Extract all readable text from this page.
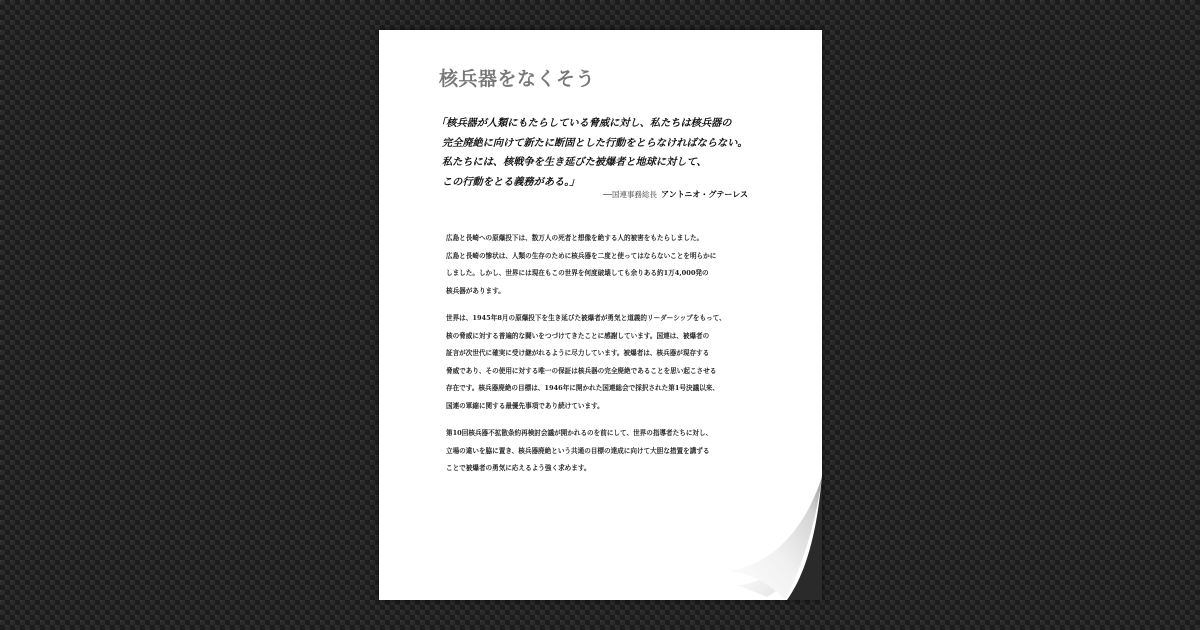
核兵器をなくそう
「核兵器が人類にもたらしている脅威に対し、私たちは核兵器の
完全廃絶に向けて新たに断固とした行動をとらなければならない。
私たちには、核戦争を生き延びた被爆者と地球に対して、
この行動をとる義務がある。」
──国連事務総長 アントニオ・グテーレス
広島と長崎への原爆投下は、数万人の死者と想像を絶する人的被害をもたらしました。
広島と長崎の惨状は、人類の生存のために核兵器を二度と使ってはならないことを明らかに
しました。しかし、世界には現在もこの世界を何度破壊しても余りある約1万4,000発の
核兵器があります。
世界は、1945年8月の原爆投下を生き延びた被爆者が勇気と道義的リーダーシップをもって、
核の脅威に対する普遍的な闘いをつづけてきたことに感謝しています。国連は、被爆者の
証言が次世代に確実に受け継がれるように尽力しています。被爆者は、核兵器が現存する
脅威であり、その使用に対する唯一の保証は核兵器の完全廃絶であることを思い起こさせる
存在です。核兵器廃絶の目標は、1946年に開かれた国連総会で採択された第1号決議以来、
国連の軍縮に関する最優先事項であり続けています。
第10回核兵器不拡散条約再検討会議が開かれるのを前にして、世界の指導者たちに対し、
立場の違いを脇に置き、核兵器廃絶という共通の目標の達成に向けて大胆な措置を講ずる
ことで被爆者の勇気に応えるよう強く求めます。
